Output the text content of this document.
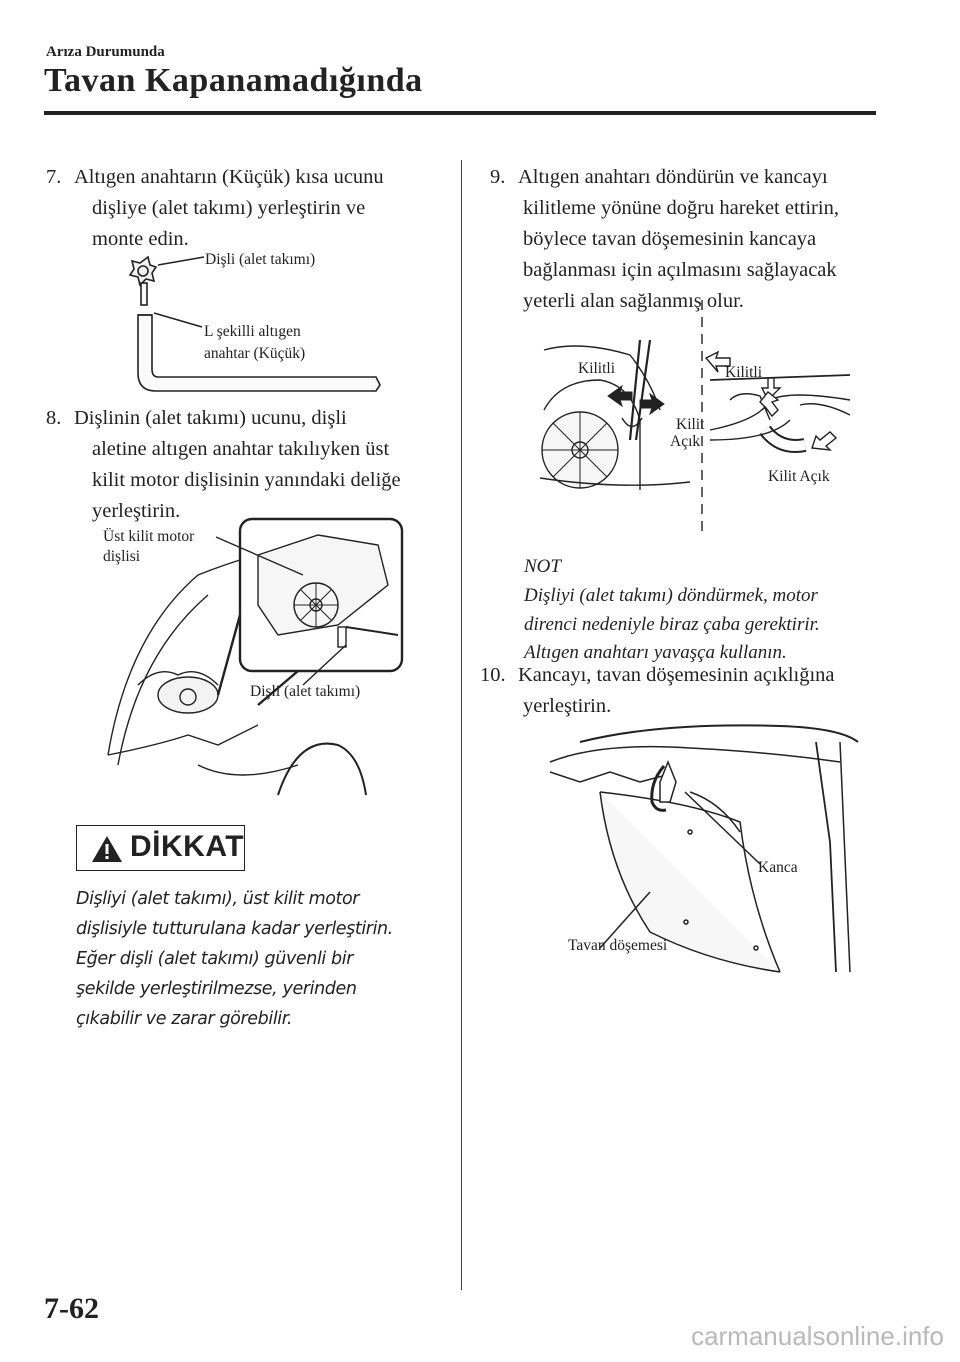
Arıza Durumunda
Tavan Kapanamadığında
7. Altıgen anahtarın (Küçük) kısa ucunu
dişliye (alet takımı) yerleştirin ve
monte edin.
Dişli (alet takımı)
L şekilli altıgen
anahtar (Küçük)
8. Dişlinin (alet takımı) ucunu, dişli
aletine altıgen anahtar takılıyken üst
kilit motor dişlisinin yanındaki deliğe
yerleştirin.
Üst kilit motor
dişlisi
Dişli (alet takımı)
DİKKAT
Dişliyi (alet takımı), üst kilit motor
dişlisiyle tutturulana kadar yerleştirin.
Eğer dişli (alet takımı) güvenli bir
şekilde yerleştirilmezse, yerinden
çıkabilir ve zarar görebilir.
9. Altıgen anahtarı döndürün ve kancayı
kilitleme yönüne doğru hareket ettirin,
böylece tavan döşemesinin kancaya
bağlanması için açılmasını sağlayacak
yeterli alan sağlanmış olur.
Kilitli	Kilitli
Kilit
Açık
Kilit Açık
NOT
Dişliyi (alet takımı) döndürmek, motor
direnci nedeniyle biraz çaba gerektirir.
Altıgen anahtarı yavaşça kullanın.
10. Kancayı, tavan döşemesinin açıklığına
yerleştirin.
Kanca
Tavan döşemesi
7-62
carmanualsonline.info
